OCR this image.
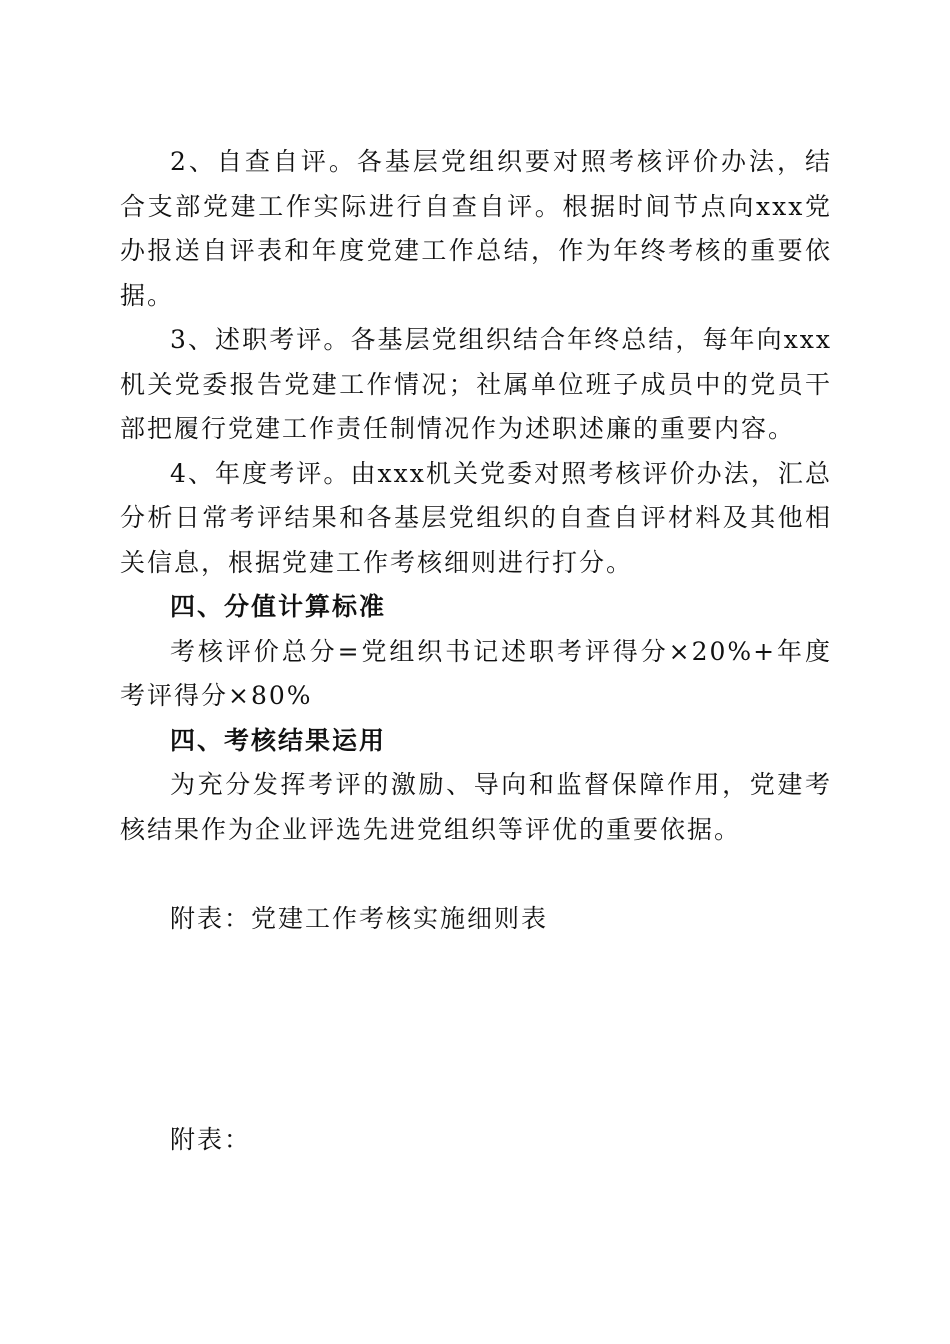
2、自查自评。各基层党组织要对照考核评价办法，结合支部党建工作实际进行自查自评。根据时间节点向xxx党办报送自评表和年度党建工作总结，作为年终考核的重要依据。

3、述职考评。各基层党组织结合年终总结，每年向xxx机关党委报告党建工作情况；社属单位班子成员中的党员干部把履行党建工作责任制情况作为述职述廉的重要内容。

4、年度考评。由xxx机关党委对照考核评价办法，汇总分析日常考评结果和各基层党组织的自查自评材料及其他相关信息，根据党建工作考核细则进行打分。

四、分值计算标准

考核评价总分=党组织书记述职考评得分×20%+年度考评得分×80%

四、考核结果运用

为充分发挥考评的激励、导向和监督保障作用，党建考核结果作为企业评选先进党组织等评优的重要依据。

附表：党建工作考核实施细则表

附表：
